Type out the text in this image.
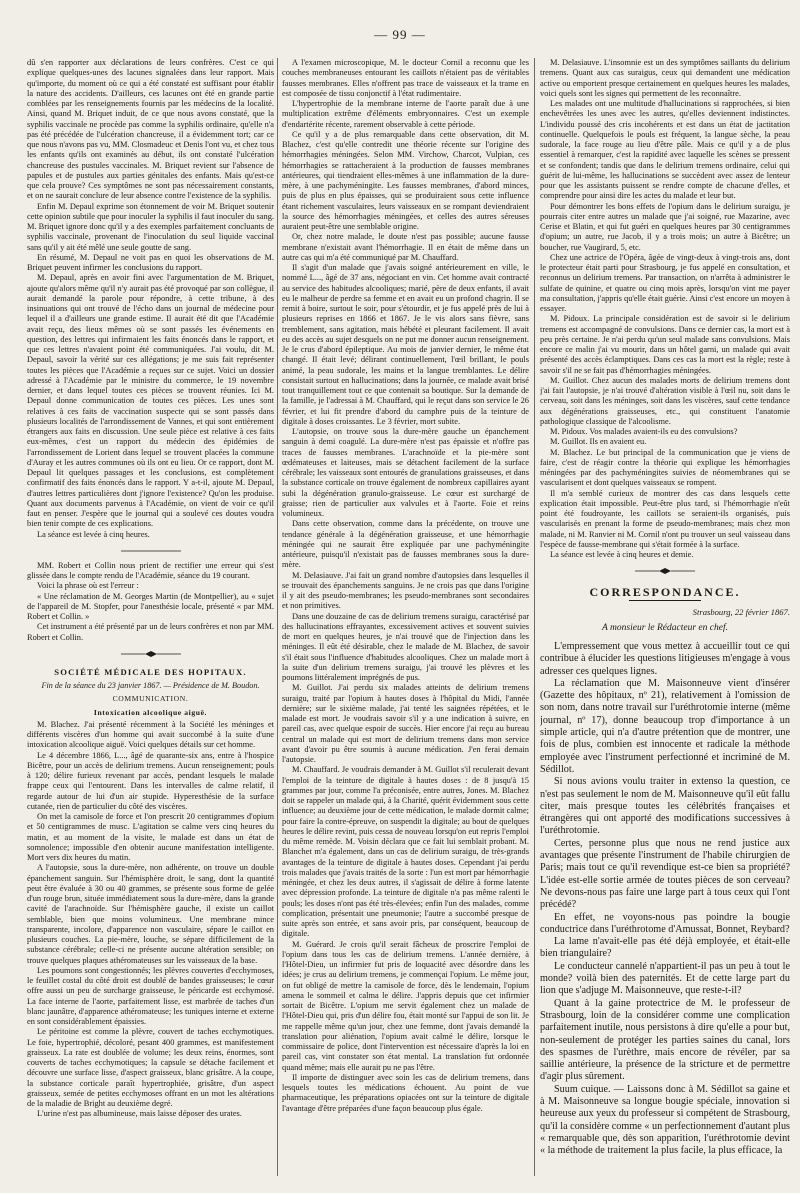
— 99 —

dû s'en rapporter aux déclarations de leurs confrères. C'est ce qui explique quelques-unes des lacunes signalées dans leur rapport. Mais qu'importe, du moment où ce qui a été constaté est suffisant pour établir la nature des accidents. D'ailleurs, ces lacunes ont été en grande partie comblées par les renseignements fournis par les médecins de la localité. Ainsi, quand M. Briquet induit, de ce que nous avons constaté, que la syphilis vaccinale ne procède pas comme la syphilis ordinaire, qu'elle n'a pas été précédée de l'ulcération chancreuse, il a évidemment tort; car ce que nous n'avons pas vu, MM. Closmadeuc et Denis l'ont vu, et chez tous les enfants qu'ils ont examinés au début, ils ont constaté l'ulcération chancreuse des pustules vaccinales. M. Briquet revient sur l'absence de papules et de pustules aux parties génitales des enfants. Mais qu'est-ce que cela prouve? Ces symptômes ne sont pas nécessairement constants, et on ne saurait conclure de leur absence contre l'existence de la syphilis.

Enfin M. Depaul exprime son étonnement de voir M. Briquet soutenir cette opinion subtile que pour inoculer la syphilis il faut inoculer du sang. M. Briquet ignore donc qu'il y a des exemples parfaitement concluants de syphilis vaccinale, provenant de l'inoculation du seul liquide vaccinal sans qu'il y ait été mêlé une seule goutte de sang.

En résumé, M. Depaul ne voit pas en quoi les observations de M. Briquet peuvent infirmer les conclusions du rapport.

M. Depaul, après en avoir fini avec l'argumentation de M. Briquet, ajoute qu'alors même qu'il n'y aurait pas été provoqué par son collègue, il aurait demandé la parole pour répondre, à cette tribune, à des insinuations qui ont trouvé de l'écho dans un journal de médecine pour lequel il a d'ailleurs une grande estime. Il aurait été dit que l'Académie avait reçu, des lieux mêmes où se sont passés les événements en question, des lettres qui infirmaient les faits énoncés dans le rapport, et que ces lettres n'avaient point été communiquées. J'ai voulu, dit M. Depaul, savoir la vérité sur ces allégations; je me suis fait représenter toutes les pièces que l'Académie a reçues sur ce sujet. Voici un dossier adressé à l'Académie par le ministre du commerce, le 19 novembre dernier, et dans lequel toutes ces pièces se trouvent réunies. Ici M. Depaul donne communication de toutes ces pièces. Les unes sont relatives à ces faits de vaccination suspecte qui se sont passés dans plusieurs localités de l'arrondissement de Vannes, et qui sont entièrement étrangers aux faits en discussion. Une seule pièce est relative à ces faits eux-mêmes, c'est un rapport du médecin des épidémies de l'arrondissement de Lorient dans lequel se trouvent placées la commune d'Auray et les autres communes où ils ont eu lieu. Or ce rapport, dont M. Depaul lit quelques passages et les conclusions, est complètement confirmatif des faits énoncés dans le rapport. Y a-t-il, ajoute M. Depaul, d'autres lettres particulières dont j'ignore l'existence? Qu'on les produise. Quant aux documents parvenus à l'Académie, on vient de voir ce qu'il faut en penser. J'espère que le journal qui a soulevé ces doutes voudra bien tenir compte de ces explications.

La séance est levée à cinq heures.

MM. Robert et Collin nous prient de rectifier une erreur qui s'est glissée dans le compte rendu de l'Académie, séance du 19 courant.

Voici la phrase où est l'erreur :

« Une réclamation de M. Georges Martin (de Montpellier), au « sujet de l'appareil de M. Stopfer, pour l'anesthésie locale, présenté « par MM. Robert et Collin. »

Cet instrument a été présenté par un de leurs confrères et non par MM. Robert et Collin.

SOCIÉTÉ MÉDICALE DES HOPITAUX.
Fin de la séance du 23 janvier 1867. — Présidence de M. Boudon.
COMMUNICATION.
Intoxication alcoolique aiguë.

M. Blachez. J'ai présenté récemment à la Société les méninges et différents viscères d'un homme qui avait succombé à la suite d'une intoxication alcoolique aiguë. Voici quelques détails sur cet homme.

Le 4 décembre 1866, L..., âgé de quarante-six ans, entre à l'hospice Bicêtre, pour un accès de delirium tremens. Aucun renseignement; pouls à 120; délire furieux revenant par accès, pendant lesquels le malade frappe ceux qui l'entourent. Dans les intervalles de calme relatif, il regarde autour de lui d'un air stupide. Hyperesthésie de la surface cutanée, rien de particulier du côté des viscères.

On met la camisole de force et l'on prescrit 20 centigrammes d'opium et 50 centigrammes de musc. L'agitation se calme vers cinq heures du matin, et au moment de la visite, le malade est dans un état de somnolence; impossible d'en obtenir aucune manifestation intelligente. Mort vers dix heures du matin.

A l'autopsie, sous la dure-mère, non adhérente, on trouve un double épanchement sanguin. Sur l'hémisphère droit, le sang, dont la quantité peut être évaluée à 30 ou 40 grammes, se présente sous forme de gelée d'un rouge brun, située immédiatement sous la dure-mère, dans la grande cavité de l'arachnoïde. Sur l'hémisphère gauche, il existe un caillot semblable, bien que moins volumineux. Une membrane mince transparente, incolore, d'apparence non vasculaire, sépare le caillot en plusieurs couches. La pie-mère, louche, se sépare difficilement de la substance cérébrale; celle-ci ne présente aucune altération sensible; on trouve quelques plaques athéromateuses sur les vaisseaux de la base.

Les poumons sont congestionnés; les plèvres couvertes d'ecchymoses, le feuillet costal du côté droit est doublé de bandes graisseuses; le cœur offre aussi un peu de surcharge graisseuse, le péricarde est ecchymosé. La face interne de l'aorte, parfaitement lisse, est marbrée de taches d'un blanc jaunâtre, d'apparence athéromateuse; les tuniques interne et externe en sont considérablement épaissies.

Le péritoine est comme la plèvre, couvert de taches ecchymotiques. Le foie, hypertrophié, décoloré, pesant 400 grammes, est manifestement graisseux. La rate est doublée de volume; les deux reins, énormes, sont couverts de taches ecchymotiques; la capsule se détache facilement et découvre une surface lisse, d'aspect graisseux, blanc grisâtre. A la coupe, la substance corticale paraît hypertrophiée, grisâtre, d'un aspect graisseux, semée de petites ecchymoses offrant en un mot les altérations de la maladie de Bright au deuxième degré.

L'urine n'est pas albumineuse, mais laisse déposer des urates.

A l'examen microscopique, M. le docteur Cornil a reconnu que les couches membraneuses entourant les caillots n'étaient pas de véritables fausses membranes. Elles n'offrent pas trace de vaisseaux et la trame en est composée de tissu conjonctif à l'état rudimentaire.

L'hypertrophie de la membrane interne de l'aorte paraît due à une multiplication extrême d'éléments embryonnaires. C'est un exemple d'endartérite récente, rarement observable à cette période.

Ce qu'il y a de plus remarquable dans cette observation, dit M. Blachez, c'est qu'elle contredit une théorie récente sur l'origine des hémorrhagies méningées. Selon MM. Virchow, Charcot, Vulpian, ces hémorrhagies se rattacheraient à la production de fausses membranes antérieures, qui tiendraient elles-mêmes à une inflammation de la dure-mère, à une pachyméningite. Les fausses membranes, d'abord minces, puis de plus en plus épaisses, qui se produiraient sous cette influence étant richement vasculaires, leurs vaisseaux en se rompant deviendraient la source des hémorrhagies méningées, et celles des autres séreuses auraient peut-être une semblable origine.

Or, chez notre malade, le doute n'est pas possible; aucune fausse membrane n'existait avant l'hémorrhagie. Il en était de même dans un autre cas qui m'a été communiqué par M. Chauffard.

Il s'agit d'un malade que j'avais soigné antérieurement en ville, le nommé L..., âgé de 37 ans, négociant en vin. Cet homme avait contracté au service des habitudes alcooliques; marié, père de deux enfants, il avait eu le malheur de perdre sa femme et en avait eu un profond chagrin. Il se remit à boire, surtout le soir, pour s'étourdir, et je fus appelé près de lui à plusieurs reprises en 1866 et 1867. Je le vis alors sans fièvre, sans tremblement, sans agitation, mais hébété et pleurant facilement. Il avait eu des accès au sujet desquels on ne put me donner aucun renseignement. Je le crus d'abord épileptique. Au mois de janvier dernier, le même état changé. Il était levé; délirant continuellement, l'œil brillant, le pouls animé, la peau sudorale, les mains et la langue tremblantes. Le délire consistait surtout en hallucinations; dans la journée, ce malade avait brisé tout tranquillement tout ce que contenait sa boutique. Sur la demande de la famille, je l'adressai à M. Chauffard, qui le reçut dans son service le 26 février, et lui fit prendre d'abord du camphre puis de la teinture de digitale à doses croissantes. Le 3 février, mort subite.

L'autopsie, on trouve sous la dure-mère gauche un épanchement sanguin à demi coagulé. La dure-mère n'est pas épaissie et n'offre pas traces de fausses membranes. L'arachnoïde et la pie-mère sont œdémateuses et laiteuses, mais se détachent facilement de la surface cérébrale; les vaisseaux sont entourés de granulations graisseuses, et dans la substance corticale on trouve également de nombreux capillaires ayant subi la dégénération granulo-graisseuse. Le cœur est surchargé de graisse; rien de particulier aux valvules et à l'aorte. Foie et reins volumineux.

Dans cette observation, comme dans la précédente, on trouve une tendance générale à la dégénération graisseuse, et une hémorrhagie méningée qui ne saurait être expliquée par une pachyméningite antérieure, puisqu'il n'existait pas de fausses membranes sous la dure-mère.

M. Delasiauve. J'ai fait un grand nombre d'autopsies dans lesquelles il se trouvait des épanchements sanguins. Je ne crois pas que dans l'origine il y ait des pseudo-membranes; les pseudo-membranes sont secondaires et non primitives.

Dans une douzaine de cas de delirium tremens suraigu, caractérisé par des hallucinations effrayantes, excessivement actives et souvent suivies de mort en quelques heures, je n'ai trouvé que de l'injection dans les méninges. Il eût été désirable, chez le malade de M. Blachez, de savoir s'il était sous l'influence d'habitudes alcooliques. Chez un malade mort à la suite d'un delirium tremens suraigu, j'ai trouvé les plèvres et les poumons littéralement imprégnés de pus.

M. Guillot. J'ai perdu six malades atteints de delirium tremens suraigu, traité par l'opium à hautes doses à l'hôpital du Midi, l'année dernière; sur le sixième malade, j'ai tenté les saignées répétées, et le malade est mort. Je voudrais savoir s'il y a une indication à suivre, en pareil cas, avec quelque espoir de succès. Hier encore j'ai reçu au bureau central un malade qui est mort de delirium tremens dans mon service avant d'avoir pu être soumis à aucune médication. J'en ferai demain l'autopsie.

M. Chauffard. Je voudrais demander à M. Guillot s'il reculerait devant l'emploi de la teinture de digitale à hautes doses : de 8 jusqu'à 15 grammes par jour, comme l'a préconisée, entre autres, Jones. M. Blachez doit se rappeler un malade qui, à la Charité, quérit évidemment sous cette influence; au deuxième jour de cette médication, le malade dormit calme; pour faire la contre-épreuve, on suspendit la digitale; au bout de quelques heures le délire revint, puis cessa de nouveau lorsqu'on eut repris l'emploi du même remède. M. Voisin déclara que ce fait lui semblait probant. M. Blanchet m'a également, dans un cas de delirium suraigu, de très-grands avantages de la teinture de digitale à hautes doses. Cependant j'ai perdu trois malades que j'avais traités de la sorte : l'un est mort par hémorrhagie méningée, et chez les deux autres, il s'agissait de délire à forme latente avec dépression profonde. La teinture de digitale n'a pas même ralenti le pouls; les doses n'ont pas été très-élevées; enfin l'un des malades, comme complication, présentait une pneumonie; l'autre a succombé presque de suite après son entrée, et sans avoir pris, par conséquent, beaucoup de digitale.

M. Guérard. Je crois qu'il serait fâcheux de proscrire l'emploi de l'opium dans tous les cas de delirium tremens. L'année dernière, à l'Hôtel-Dieu, un infirmier fut pris de loquacité avec désordre dans les idées; je crus au delirium tremens, je commençai l'opium. Le même jour, on fut obligé de mettre la camisole de force, dès le lendemain, l'opium amena le sommeil et calma le délire. J'appris depuis que cet infirmier sortait de Bicêtre. L'opium me servit également chez un malade de l'Hôtel-Dieu qui, pris d'un délire fou, était monté sur l'appui de son lit. Je me rappelle même qu'un jour, chez une femme, dont j'avais demandé la translation pour aliénation, l'opium avait calmé le délire, lorsque le commissaire de police, dont l'intervention est nécessaire d'après la loi en pareil cas, vint constater son état mental. La translation fut ordonnée quand même; mais elle aurait pu ne pas l'être.

Il importe de distinguer avec soin les cas de delirium tremens, dans lesquels toutes les médications échouent. Au point de vue pharmaceutique, les préparations opiacées ont sur la teinture de digitale l'avantage d'être préparées d'une façon beaucoup plus égale.

M. Delasiauve. L'insomnie est un des symptômes saillants du delirium tremens. Quant aux cas suraigus, ceux qui demandent une médication active ou emportent presque certainement en quelques heures les malades, voici quels sont les signes qui permettent de les reconnaître.

Les malades ont une multitude d'hallucinations si rapprochées, si bien enchevêtrées les unes avec les autres, qu'elles deviennent indistinctes. L'individu poussé des cris incohérents et est dans un état de jactitation continuelle. Quelquefois le pouls est fréquent, la langue sèche, la peau sudorale, la face rouge au lieu d'être pâle. Mais ce qu'il y a de plus essentiel à remarquer, c'est la rapidité avec laquelle les scènes se pressent et se confondent; tandis que dans le delirium tremens ordinaire, celui qui guérit de lui-même, les hallucinations se succèdent avec assez de lenteur pour que les assistants puissent se rendre compte de chacune d'elles, et comprendre pour ainsi dire les actes du malade et leur but.

Pour démontrer les bons effets de l'opium dans le delirium suraigu, je pourrais citer entre autres un malade que j'ai soigné, rue Mazarine, avec Cerise et Blatin, et qui fut guéri en quelques heures par 30 centigrammes d'opium; un autre, rue Jacob, il y a trois mois; un autre à Bicêtre; un boucher, rue Vaugirard, 5, etc.

Chez une actrice de l'Opéra, âgée de vingt-deux à vingt-trois ans, dont le protecteur était parti pour Strasbourg, je fus appelé en consultation, et reconnus un delirium tremens. Par transaction, on n'arrêta à administrer le sulfate de quinine, et quatre ou cinq mois après, lorsqu'on vint me payer ma consultation, j'appris qu'elle était guérie. Ainsi c'est encore un moyen à essayer.

M. Pidoux. La principale considération est de savoir si le delirium tremens est accompagné de convulsions. Dans ce dernier cas, la mort est à peu près certaine. Je n'ai perdu qu'un seul malade sans convulsions. Mais encore ce malin j'ai vu mourir, dans un hôtel garni, un malade qui avait présenté des accès éclamptiques. Dans ces cas la mort est la règle; reste à savoir s'il ne se fait pas d'hémorrhagies méningées.

M. Guillot. Chez aucun des malades morts de delirium tremens dont j'ai fait l'autopsie, je n'ai trouvé d'altération visible à l'œil nu, soit dans le cerveau, soit dans les méninges, soit dans les viscères, sauf cette tendance aux dégénérations graisseuses, etc., qui constituent l'anatomie pathologique classique de l'alcoolisme.

M. Pidoux. Vos malades avaient-ils eu des convulsions?

M. Guillot. Ils en avaient eu.

M. Blachez. Le but principal de la communication que je viens de faire, c'est de réagir contre la théorie qui explique les hémorrhagies méningées par des pachyméningites suivies de néomembranes qui se vascularisent et dont quelques vaisseaux se rompent.

Il m'a semblé curieux de montrer des cas dans lesquels cette explication était impossible. Peut-être plus tard, si l'hémorrhagie n'eût point été foudroyante, les caillots se seraient-ils organisés, puis vascularisés en prenant la forme de pseudo-membranes; mais chez mon malade, ni M. Ranvier ni M. Cornil n'ont pu trouver un seul vaisseau dans l'espèce de fausse-membrane qui s'était formée à la surface.

La séance est levée à cinq heures et demie.

CORRESPONDANCE.
Strasbourg, 22 février 1867.
A monsieur le Rédacteur en chef.

L'empressement que vous mettez à accueillir tout ce qui contribue à élucider les questions litigieuses m'engage à vous adresser ces quelques lignes.

La réclamation que M. Maisonneuve vient d'insérer (Gazette des hôpitaux, nº 21), relativement à l'omission de son nom, dans notre travail sur l'uréthrotomie interne (même journal, nº 17), donne beaucoup trop d'importance à un simple article, qui n'a d'autre prétention que de montrer, une fois de plus, combien est innocente et radicale la méthode employée avec l'instrument perfectionné et incriminé de M. Sédillot.

Si nous avions voulu traiter in extenso la question, ce n'est pas seulement le nom de M. Maisonneuve qu'il eût fallu citer, mais presque toutes les célébrités françaises et étrangères qui ont apporté des modifications successives à l'uréthrotomie.

Certes, personne plus que nous ne rend justice aux avantages que présente l'instrument de l'habile chirurgien de Paris; mais tout ce qu'il revendique est-ce bien sa propriété? L'idée est-elle sortie armée de toutes pièces de son cerveau? Ne devons-nous pas faire une large part à tous ceux qui l'ont précédé?

En effet, ne voyons-nous pas poindre la bougie conductrice dans l'uréthrotome d'Amussat, Bonnet, Reybard?

La lame n'avait-elle pas été déjà employée, et était-elle bien triangulaire?

Le conducteur cannelé n'appartient-il pas un peu à tout le monde? voilà bien des paternités. Et de cette large part du lion que s'adjuge M. Maisonneuve, que reste-t-il?

Quant à la gaine protectrice de M. le professeur de Strasbourg, loin de la considérer comme une complication parfaitement inutile, nous persistons à dire qu'elle a pour but, non-seulement de protéger les parties saines du canal, lors des spasmes de l'urèthre, mais encore de révéler, par sa saillie antérieure, la présence de la stricture et de permettre d'agir plus sûrement.

Suum cuique. — Laissons donc à M. Sédillot sa gaine et à M. Maisonneuve sa longue bougie spéciale, innovation si heureuse aux yeux du professeur si compétent de Strasbourg, qu'il la considère comme « un perfectionnement d'autant plus « remarquable que, dès son apparition, l'uréthrotomie devint « la méthode de traitement la plus facile, la plus efficace, la
